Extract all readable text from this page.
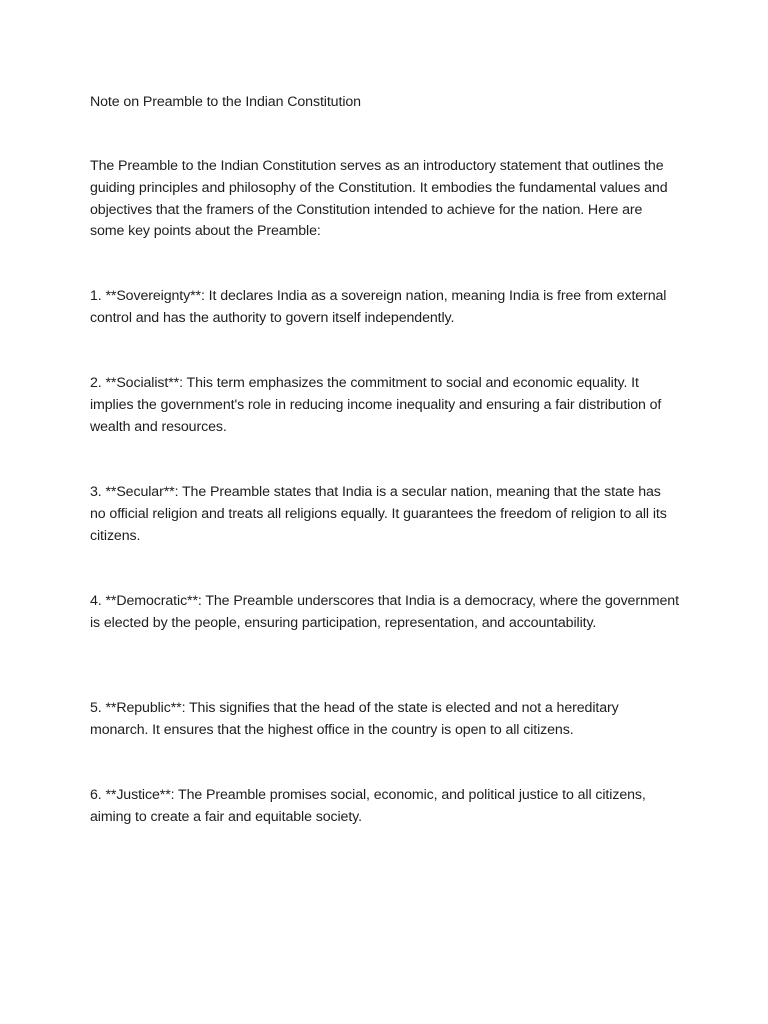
Note on Preamble to the Indian Constitution

The Preamble to the Indian Constitution serves as an introductory statement that outlines the guiding principles and philosophy of the Constitution. It embodies the fundamental values and objectives that the framers of the Constitution intended to achieve for the nation. Here are some key points about the Preamble:

1. **Sovereignty**: It declares India as a sovereign nation, meaning India is free from external control and has the authority to govern itself independently.

2. **Socialist**: This term emphasizes the commitment to social and economic equality. It implies the government's role in reducing income inequality and ensuring a fair distribution of wealth and resources.

3. **Secular**: The Preamble states that India is a secular nation, meaning that the state has no official religion and treats all religions equally. It guarantees the freedom of religion to all its citizens.

4. **Democratic**: The Preamble underscores that India is a democracy, where the government is elected by the people, ensuring participation, representation, and accountability.

5. **Republic**: This signifies that the head of the state is elected and not a hereditary monarch. It ensures that the highest office in the country is open to all citizens.

6. **Justice**: The Preamble promises social, economic, and political justice to all citizens, aiming to create a fair and equitable society.
